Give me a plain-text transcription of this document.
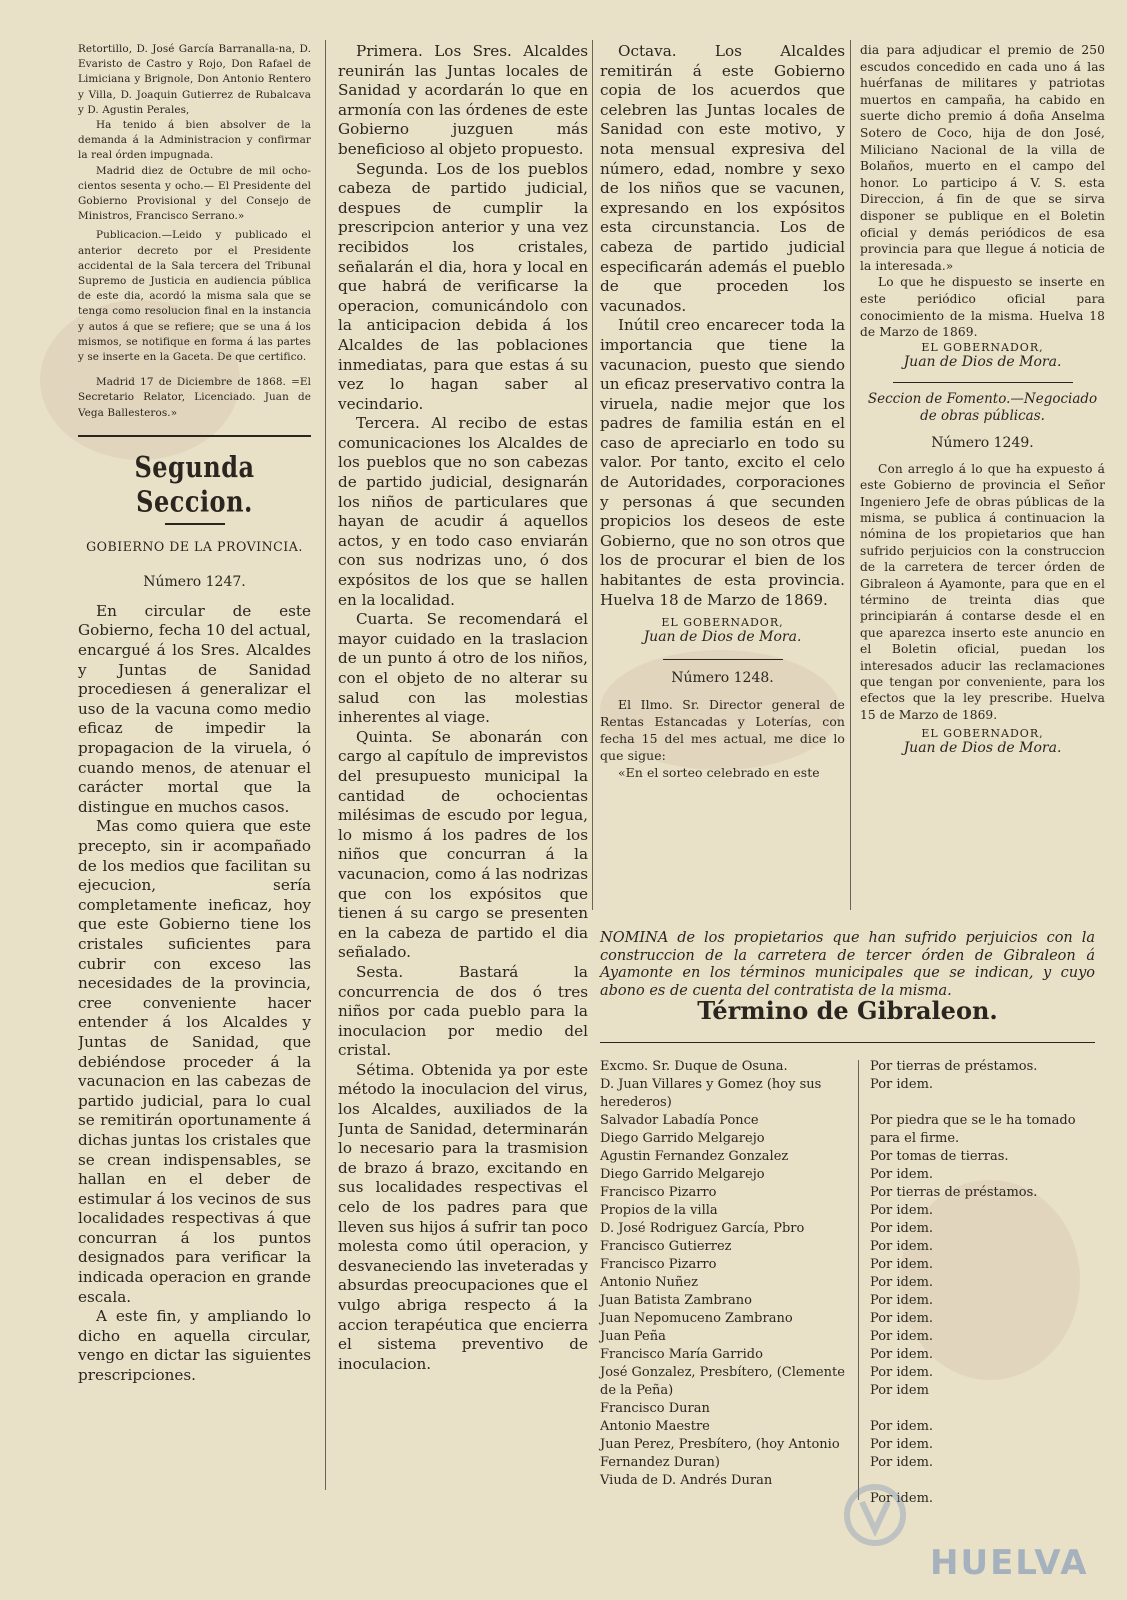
Retortillo, D. José García Barranalla-na, D. Evaristo de Castro y Rojo, Don Rafael de Limiciana y Brignole, Don Antonio Rentero y Villa, D. Joaquin Gutierrez de Rubalcava y D. Agustin Perales,

Ha tenido á bien absolver de la demanda á la Administracion y confirmar la real órden impugnada.

Madrid diez de Octubre de mil ocho-cientos sesenta y ocho.— El Presidente del Gobierno Provisional y del Consejo de Ministros, Francisco Serrano.»

Publicacion.—Leido y publicado el anterior decreto por el Presidente accidental de la Sala tercera del Tribunal Supremo de Justicia en audiencia pública de este dia, acordó la misma sala que se tenga como resolucion final en la instancia y autos á que se refiere; que se una á los mismos, se notifique en forma á las partes y se inserte en la Gaceta. De que certifico.

Madrid 17 de Diciembre de 1868. =El Secretario Relator, Licenciado. Juan de Vega Ballesteros.»

Segunda Seccion.

GOBIERNO DE LA PROVINCIA.

Número 1247.

En circular de este Gobierno, fecha 10 del actual, encargué á los Sres. Alcaldes y Juntas de Sanidad procediesen á generalizar el uso de la vacuna como medio eficaz de impedir la propagacion de la viruela, ó cuando menos, de atenuar el carácter mortal que la distingue en muchos casos.

Mas como quiera que este precepto, sin ir acompañado de los medios que facilitan su ejecucion, sería completamente ineficaz, hoy que este Gobierno tiene los cristales suficientes para cubrir con exceso las necesidades de la provincia, cree conveniente hacer entender á los Alcaldes y Juntas de Sanidad, que debiéndose proceder á la vacunacion en las cabezas de partido judicial, para lo cual se remitirán oportunamente á dichas juntas los cristales que se crean indispensables, se hallan en el deber de estimular á los vecinos de sus localidades respectivas á que concurran á los puntos designados para verificar la indicada operacion en grande escala.

A este fin, y ampliando lo dicho en aquella circular, vengo en dictar las siguientes prescripciones.

Primera. Los Sres. Alcaldes reunirán las Juntas locales de Sanidad y acordarán lo que en armonía con las órdenes de este Gobierno juzguen más beneficioso al objeto propuesto.

Segunda. Los de los pueblos cabeza de partido judicial, despues de cumplir la prescripcion anterior y una vez recibidos los cristales, señalarán el dia, hora y local en que habrá de verificarse la operacion, comunicándolo con la anticipacion debida á los Alcaldes de las poblaciones inmediatas, para que estas á su vez lo hagan saber al vecindario.

Tercera. Al recibo de estas comunicaciones los Alcaldes de los pueblos que no son cabezas de partido judicial, designarán los niños de particulares que hayan de acudir á aquellos actos, y en todo caso enviarán con sus nodrizas uno, ó dos expósitos de los que se hallen en la localidad.

Cuarta. Se recomendará el mayor cuidado en la traslacion de un punto á otro de los niños, con el objeto de no alterar su salud con las molestias inherentes al viage.

Quinta. Se abonarán con cargo al capítulo de imprevistos del presupuesto municipal la cantidad de ochocientas milésimas de escudo por legua, lo mismo á los padres de los niños que concurran á la vacunacion, como á las nodrizas que con los expósitos que tienen á su cargo se presenten en la cabeza de partido el dia señalado.

Sesta. Bastará la concurrencia de dos ó tres niños por cada pueblo para la inoculacion por medio del cristal.

Sétima. Obtenida ya por este método la inoculacion del virus, los Alcaldes, auxiliados de la Junta de Sanidad, determinarán lo necesario para la trasmision de brazo á brazo, excitando en sus localidades respectivas el celo de los padres para que lleven sus hijos á sufrir tan poco molesta como útil operacion, y desvaneciendo las inveteradas y absurdas preocupaciones que el vulgo abriga respecto á la accion terapéutica que encierra el sistema preventivo de inoculacion.

Octava. Los Alcaldes remitirán á este Gobierno copia de los acuerdos que celebren las Juntas locales de Sanidad con este motivo, y nota mensual expresiva del número, edad, nombre y sexo de los niños que se vacunen, expresando en los expósitos esta circunstancia. Los de cabeza de partido judicial especificarán además el pueblo de que proceden los vacunados.

Inútil creo encarecer toda la importancia que tiene la vacunacion, puesto que siendo un eficaz preservativo contra la viruela, nadie mejor que los padres de familia están en el caso de apreciarlo en todo su valor. Por tanto, excito el celo de Autoridades, corporaciones y personas á que secunden propicios los deseos de este Gobierno, que no son otros que los de procurar el bien de los habitantes de esta provincia. Huelva 18 de Marzo de 1869.

EL GOBERNADOR,

Juan de Dios de Mora.

Número 1248.

El Ilmo. Sr. Director general de Rentas Estancadas y Loterías, con fecha 15 del mes actual, me dice lo que sigue:

«En el sorteo celebrado en este

dia para adjudicar el premio de 250 escudos concedido en cada uno á las huérfanas de militares y patriotas muertos en campaña, ha cabido en suerte dicho premio á doña Anselma Sotero de Coco, hija de don José, Miliciano Nacional de la villa de Bolaños, muerto en el campo del honor. Lo participo á V. S. esta Direccion, á fin de que se sirva disponer se publique en el Boletin oficial y demás periódicos de esa provincia para que llegue á noticia de la interesada.»

Lo que he dispuesto se inserte en este periódico oficial para conocimiento de la misma. Huelva 18 de Marzo de 1869.

EL GOBERNADOR,

Juan de Dios de Mora.

Seccion de Fomento.—Negociado de obras públicas.

Número 1249.

Con arreglo á lo que ha expuesto á este Gobierno de provincia el Señor Ingeniero Jefe de obras públicas de la misma, se publica á continuacion la nómina de los propietarios que han sufrido perjuicios con la construccion de la carretera de tercer órden de Gibraleon á Ayamonte, para que en el término de treinta dias que principiarán á contarse desde el en que aparezca inserto este anuncio en el Boletin oficial, puedan los interesados aducir las reclamaciones que tengan por conveniente, para los efectos que la ley prescribe. Huelva 15 de Marzo de 1869.

EL GOBERNADOR,

Juan de Dios de Mora.

NOMINA de los propietarios que han sufrido perjuicios con la construccion de la carretera de tercer órden de Gibraleon á Ayamonte en los términos municipales que se indican, y cuyo abono es de cuenta del contratista de la misma.
Término de Gibraleon.
Excmo. Sr. Duque de Osuna.
D. Juan Villares y Gomez (hoy sus herederos)
Salvador Labadía Ponce
Diego Garrido Melgarejo
Agustin Fernandez Gonzalez
Diego Garrido Melgarejo
Francisco Pizarro
Propios de la villa
D. José Rodriguez García, Pbro
Francisco Gutierrez
Francisco Pizarro
Antonio Nuñez
Juan Batista Zambrano
Juan Nepomuceno Zambrano
Juan Peña
Francisco María Garrido
José Gonzalez, Presbítero, (Clemente de la Peña)
Francisco Duran
Antonio Maestre
Juan Perez, Presbítero, (hoy Antonio Fernandez Duran)
Viuda de D. Andrés Duran
Por tierras de préstamos.
Por idem.
Por piedra que se le ha tomado para el firme.
Por tomas de tierras.
Por idem.
Por tierras de préstamos.
Por idem.
Por idem.
Por idem.
Por idem.
Por idem.
Por idem.
Por idem.
Por idem.
Por idem.
Por idem.
Por idem
Por idem.
Por idem.
Por idem.
Por idem.
HUELVA
